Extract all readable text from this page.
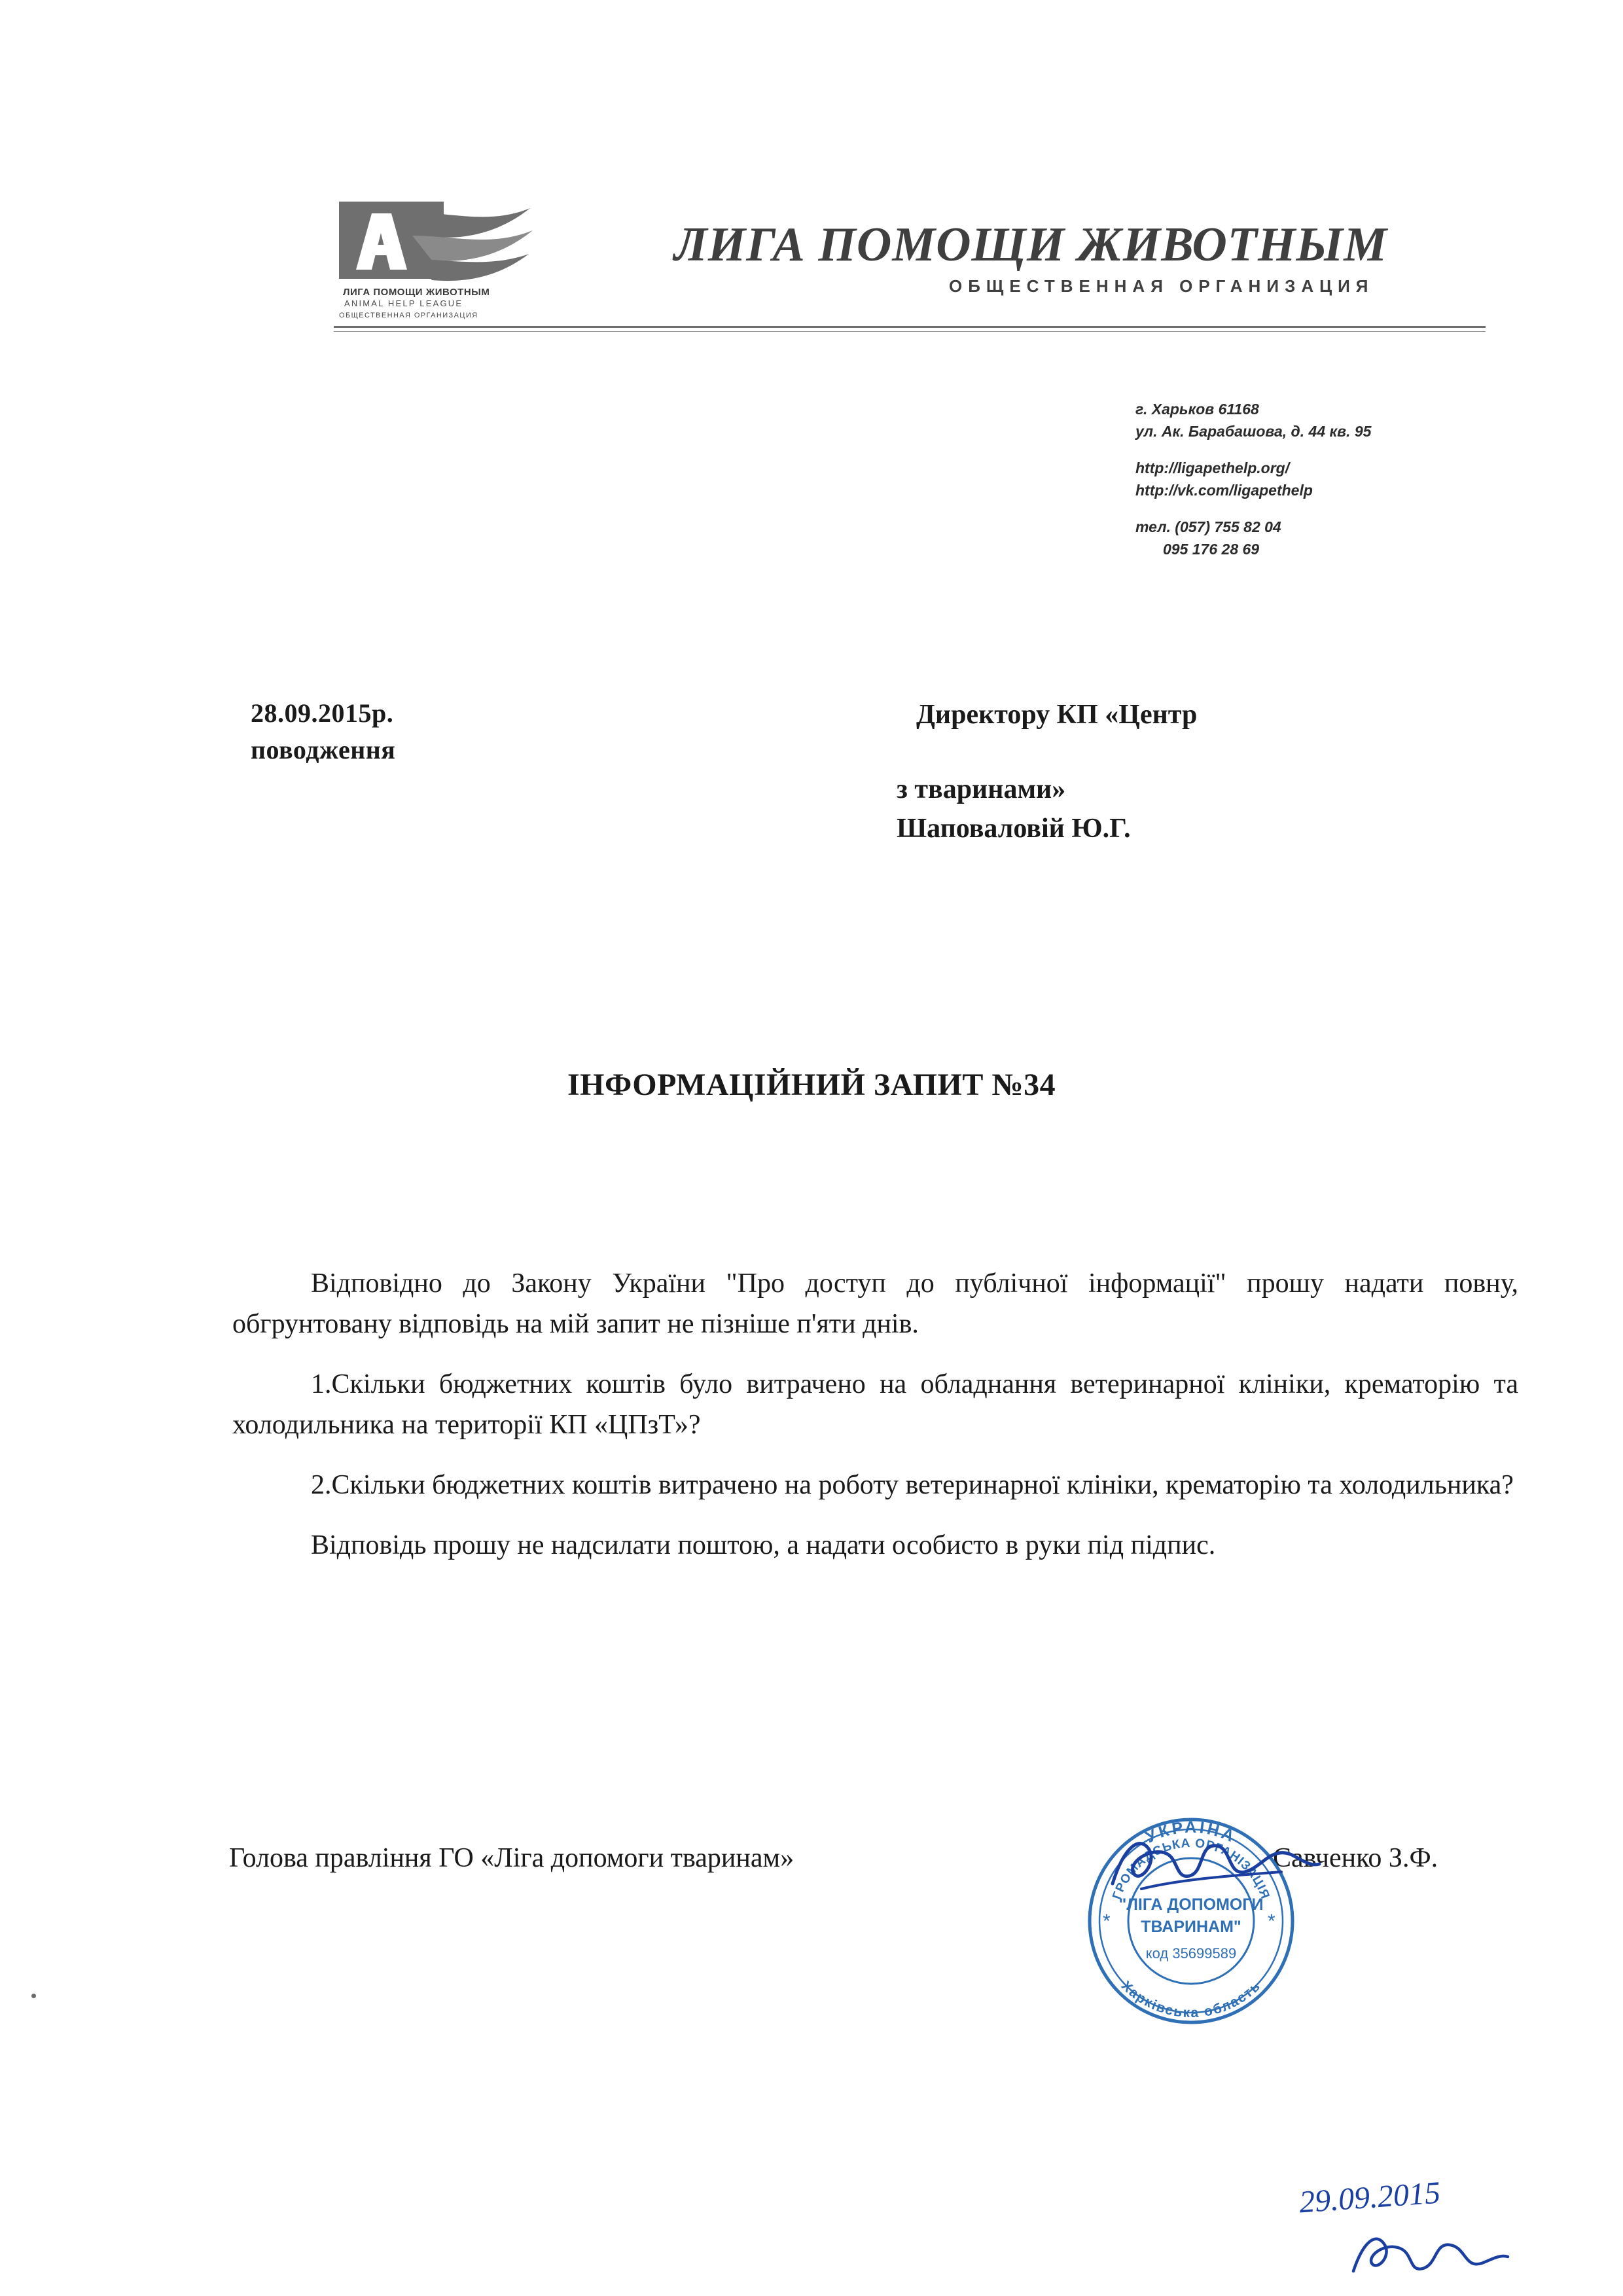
ЛИГА ПОМОЩИ ЖИВОТНЫМ
ANIMAL HELP LEAGUE
ОБЩЕСТВЕННАЯ ОРГАНИЗАЦИЯ
ЛИГА ПОМОЩИ ЖИВОТНЫМ
ОБЩЕСТВЕННАЯ ОРГАНИЗАЦИЯ
г. Харьков 61168
ул. Ак. Барабашова, д. 44 кв. 95
http://ligapethelp.org/
http://vk.com/ligapethelp
тел. (057) 755 82 04
095 176 28 69
28.09.2015р.
поводження
Директору КП «Центр
з тваринами»
Шаповаловій Ю.Г.
ІНФОРМАЦІЙНИЙ ЗАПИТ №34

Відповідно до Закону України "Про доступ до публічної інформації" прошу надати повну, обгрунтовану відповідь на мій запит не пізніше п'яти днів.

1.Скільки бюджетних коштів було витрачено на обладнання ветеринарної клініки, крематорію та холодильника на території КП «ЦПзТ»?

2.Скільки бюджетних коштів витрачено на роботу ветеринарної клініки, крематорію та холодильника?

Відповідь прошу не надсилати поштою, а надати особисто в руки під підпис.

Голова правління ГО «Ліга допомоги тваринам»	Савченко З.Ф.
УКРАЇНА
ГРОМАДСЬКА ОРГАНІЗАЦІЯ
Харківська область
"ЛІГА ДОПОМОГИ
ТВАРИНАМ"
код 35699589
*	*
29.09.2015
